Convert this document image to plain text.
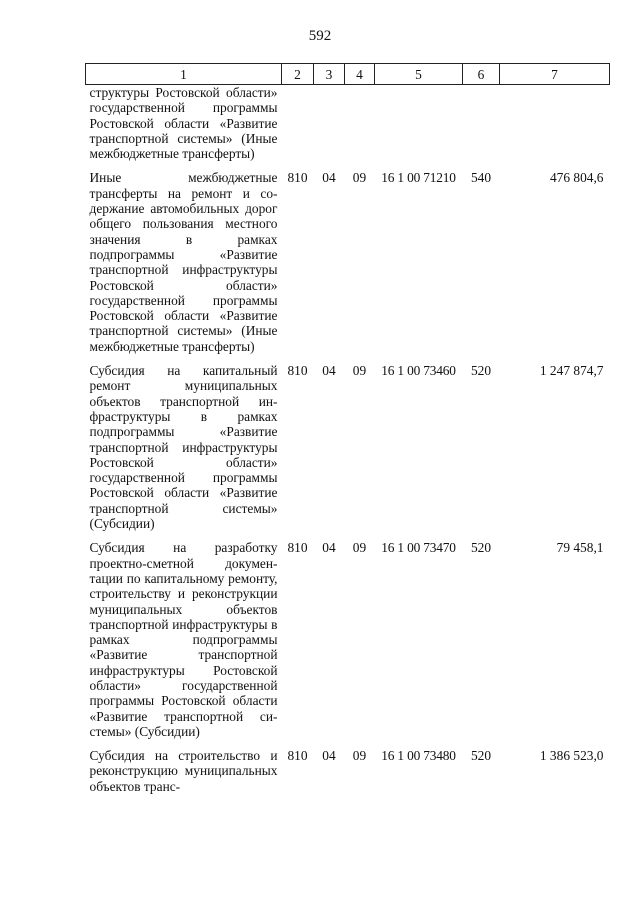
592
1	2	3	4	5	6	7
структуры Ростовской области» государственной программы Ростовской области «Развитие транспортной системы» (Иные межбюджетные трансферты)						
Иные межбюджетные трансферты на ремонт и содержание автомобильных дорог общего пользования местного значения в рамках подпрограммы «Развитие транспортной инфраструктуры Ростовской области» государственной программы Ростовской области «Развитие транспортной системы» (Иные межбюджетные трансферты)	810	04	09	16 1 00 71210	540	476 804,6
Субсидия на капитальный ремонт муниципальных объектов транспортной инфраструктуры в рамках подпрограммы «Развитие транспортной инфраструктуры Ростовской области» государственной программы Ростовской области «Развитие транспортной системы» (Субсидии)	810	04	09	16 1 00 73460	520	1 247 874,7
Субсидия на разработку проектно-сметной документации по капитальному ремонту, строительству и реконструкции муниципальных объектов транспортной инфраструктуры в рамках подпрограммы «Развитие транспортной инфраструктуры Ростовской области» государственной программы Ростовской области «Развитие транспортной системы» (Субсидии)	810	04	09	16 1 00 73470	520	79 458,1
Субсидия на строительство и реконструкцию муниципальных объектов транс-	810	04	09	16 1 00 73480	520	1 386 523,0
